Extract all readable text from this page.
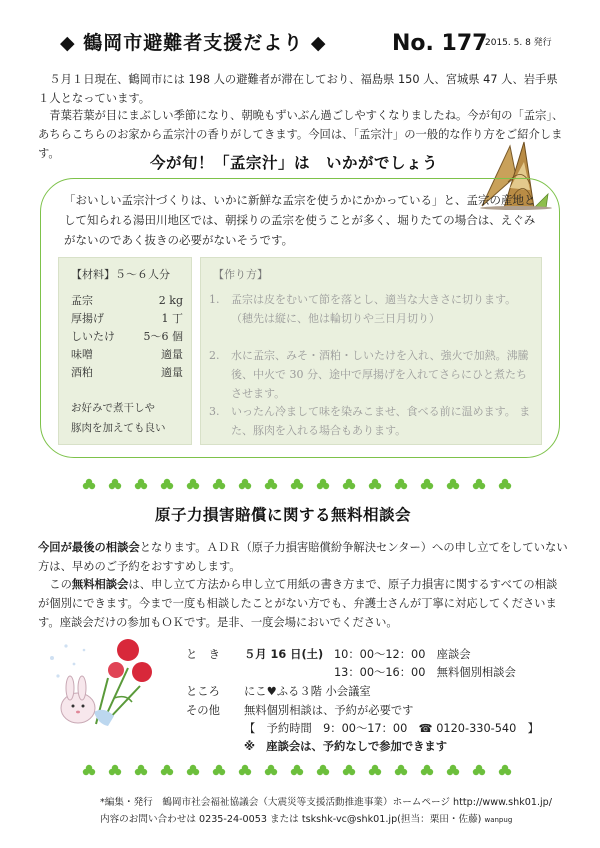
◆ 鶴岡市避難者支援だより ◆	No. 177
2015. 5. 8 発行

　５月１日現在、鶴岡市には 198 人の避難者が滞在しており、福島県 150 人、宮城県 47 人、岩手県１人となっています。

　青葉若葉が目にまぶしい季節になり、朝晩もずいぶん過ごしやすくなりましたね。今が旬の「孟宗」、あちらこちらのお家から孟宗汁の香りがしてきます。今回は、「孟宗汁」の一般的な作り方をご紹介します。

今が旬！「孟宗汁」は　いかがでしょう

「おいしい孟宗汁づくりは、いかに新鮮な孟宗を使うかにかかっている」と、孟宗の産地として知られる湯田川地区では、朝採りの孟宗を使うことが多く、堀りたての場合は、えぐみがないのであく抜きの必要がないそうです。

【材料】５～６人分
孟宗	2 kg
厚揚げ	1 丁
しいたけ	5～6 個
味噌	適量
酒粕	適量
お好みで煮干しや
豚肉を加えても良い
【作り方】
1.	孟宗は皮をむいて節を落とし、適当な大きさに切ります。　（穂先は縦に、他は輪切りや三日月切り）
2.	水に孟宗、みそ・酒粕・しいたけを入れ、強火で加熱。沸騰後、中火で 30 分、途中で厚揚げを入れてさらにひと煮たちさせます。
3.	いったん冷まして味を染みこませ、食べる前に温めます。 また、豚肉を入れる場合もあります。
原子力損害賠償に関する無料相談会

今回が最後の相談会となります。ＡＤＲ（原子力損害賠償紛争解決センター）への申し立てをしていない方は、早めのご予約をおすすめします。

　この無料相談会は、申し立て方法から申し立て用紙の書き方まで、原子力損害に関するすべての相談が個別にできます。今まで一度も相談したことがない方でも、弁護士さんが丁寧に対応してくださいます。座談会だけの参加もＯＫです。是非、一度会場においでください。

と　き ５月 16 日(土) 10：00～12：00　座談会
13：00～16：00　無料個別相談会
ところ にこ♥ふる３階 小会議室
その他 無料個別相談は、予約が必要です
【　予約時間　9：00～17：00　☎ 0120-330-540　】
※　座談会は、予約なしで参加できます
*編集・発行　鶴岡市社会福祉協議会（大震災等支援活動推進事業）ホームページ http://www.shk01.jp/
内容のお問い合わせは 0235-24-0053 または tskshk-vc@shk01.jp(担当：栗田・佐藤) wanpug
